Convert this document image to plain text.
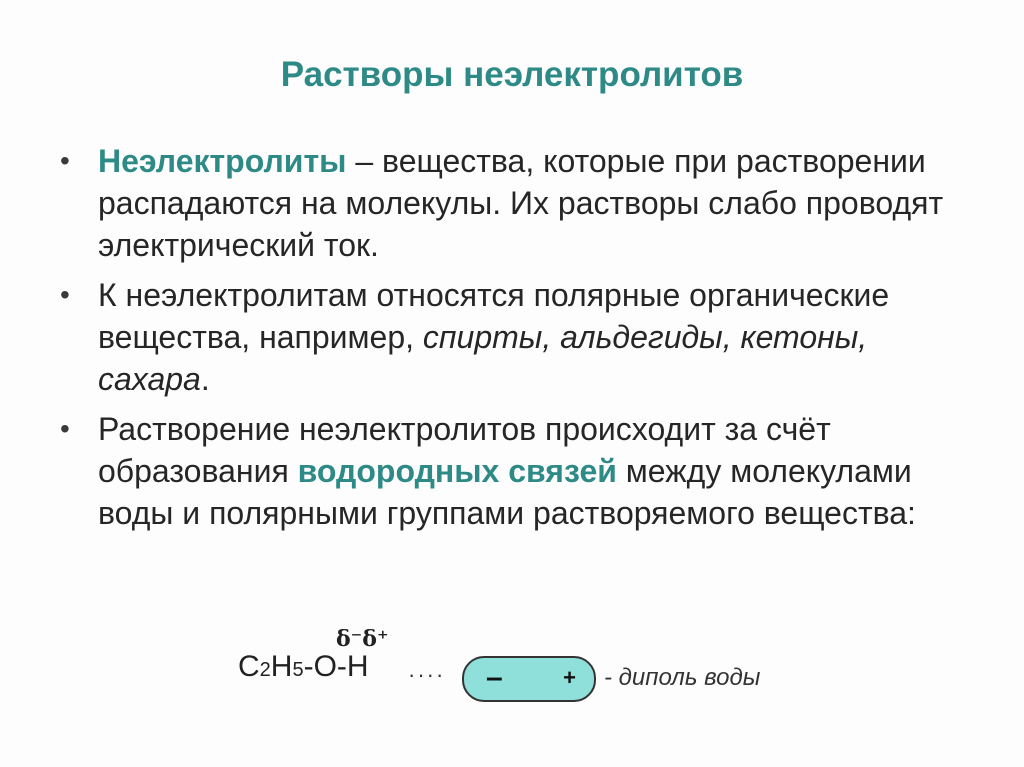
Растворы неэлектролитов
• Неэлектролиты – вещества, которые при растворении распадаются на молекулы. Их растворы слабо проводят электрический ток.
• К неэлектролитам относятся полярные органические вещества, например, спирты, альдегиды, кетоны, сахара.
• Растворение неэлектролитов происходит за счёт образования водородных связей между молекулами воды и полярными группами растворяемого вещества:
δ⁻δ⁺
C2H5-O-H ···· –	+ - диполь воды
